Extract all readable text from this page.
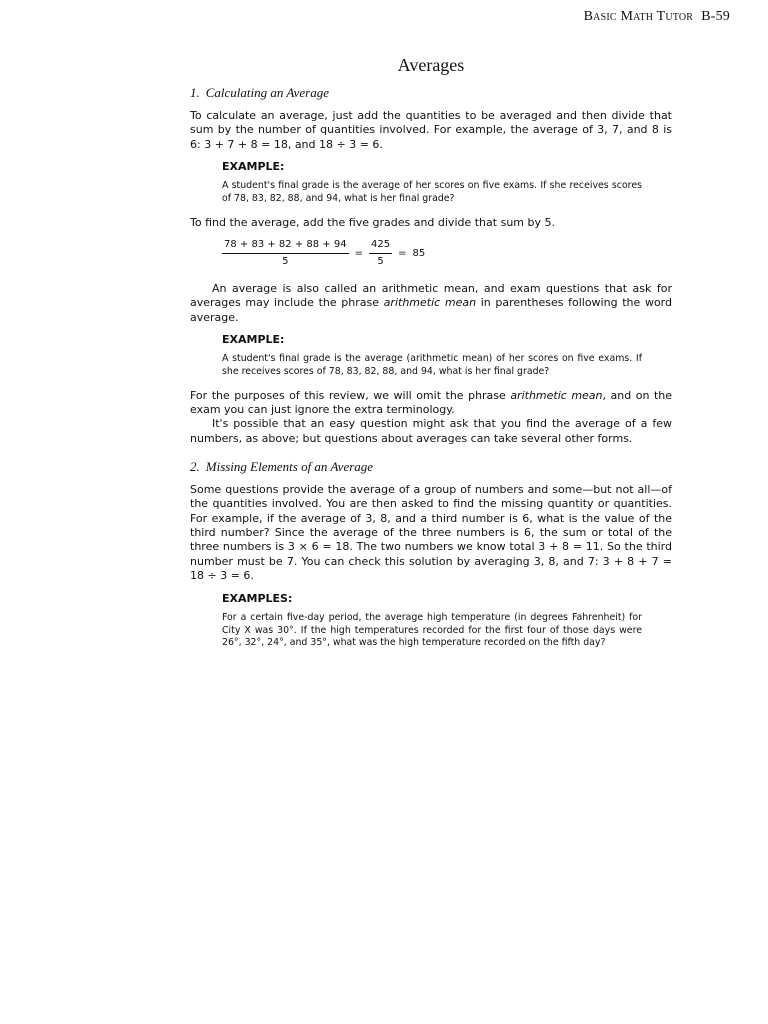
Basic Math Tutor B-59
Averages
1. Calculating an Average

To calculate an average, just add the quantities to be averaged and then divide that sum by the number of quantities involved. For example, the average of 3, 7, and 8 is 6: 3 + 7 + 8 = 18, and 18 ÷ 3 = 6.

EXAMPLE:

A student's final grade is the average of her scores on five exams. If she receives scores of 78, 83, 82, 88, and 94, what is her final grade?

To find the average, add the five grades and divide that sum by 5.

$\frac{78 + 83 + 82 + 88 + 94}{5} = \frac{425}{5} = 85$

An average is also called an arithmetic mean, and exam questions that ask for averages may include the phrase arithmetic mean in parentheses following the word average.

EXAMPLE:

A student's final grade is the average (arithmetic mean) of her scores on five exams. If she receives scores of 78, 83, 82, 88, and 94, what is her final grade?

For the purposes of this review, we will omit the phrase arithmetic mean, and on the exam you can just ignore the extra terminology.

It's possible that an easy question might ask that you find the average of a few numbers, as above; but questions about averages can take several other forms.

2. Missing Elements of an Average

Some questions provide the average of a group of numbers and some—but not all—of the quantities involved. You are then asked to find the missing quantity or quantities. For example, if the average of 3, 8, and a third number is 6, what is the value of the third number? Since the average of the three numbers is 6, the sum or total of the three numbers is 3 × 6 = 18. The two numbers we know total 3 + 8 = 11. So the third number must be 7. You can check this solution by averaging 3, 8, and 7: 3 + 8 + 7 = 18 ÷ 3 = 6.

EXAMPLES:

For a certain five-day period, the average high temperature (in degrees Fahrenheit) for City X was 30°. If the high temperatures recorded for the first four of those days were 26°, 32°, 24°, and 35°, what was the high temperature recorded on the fifth day?
